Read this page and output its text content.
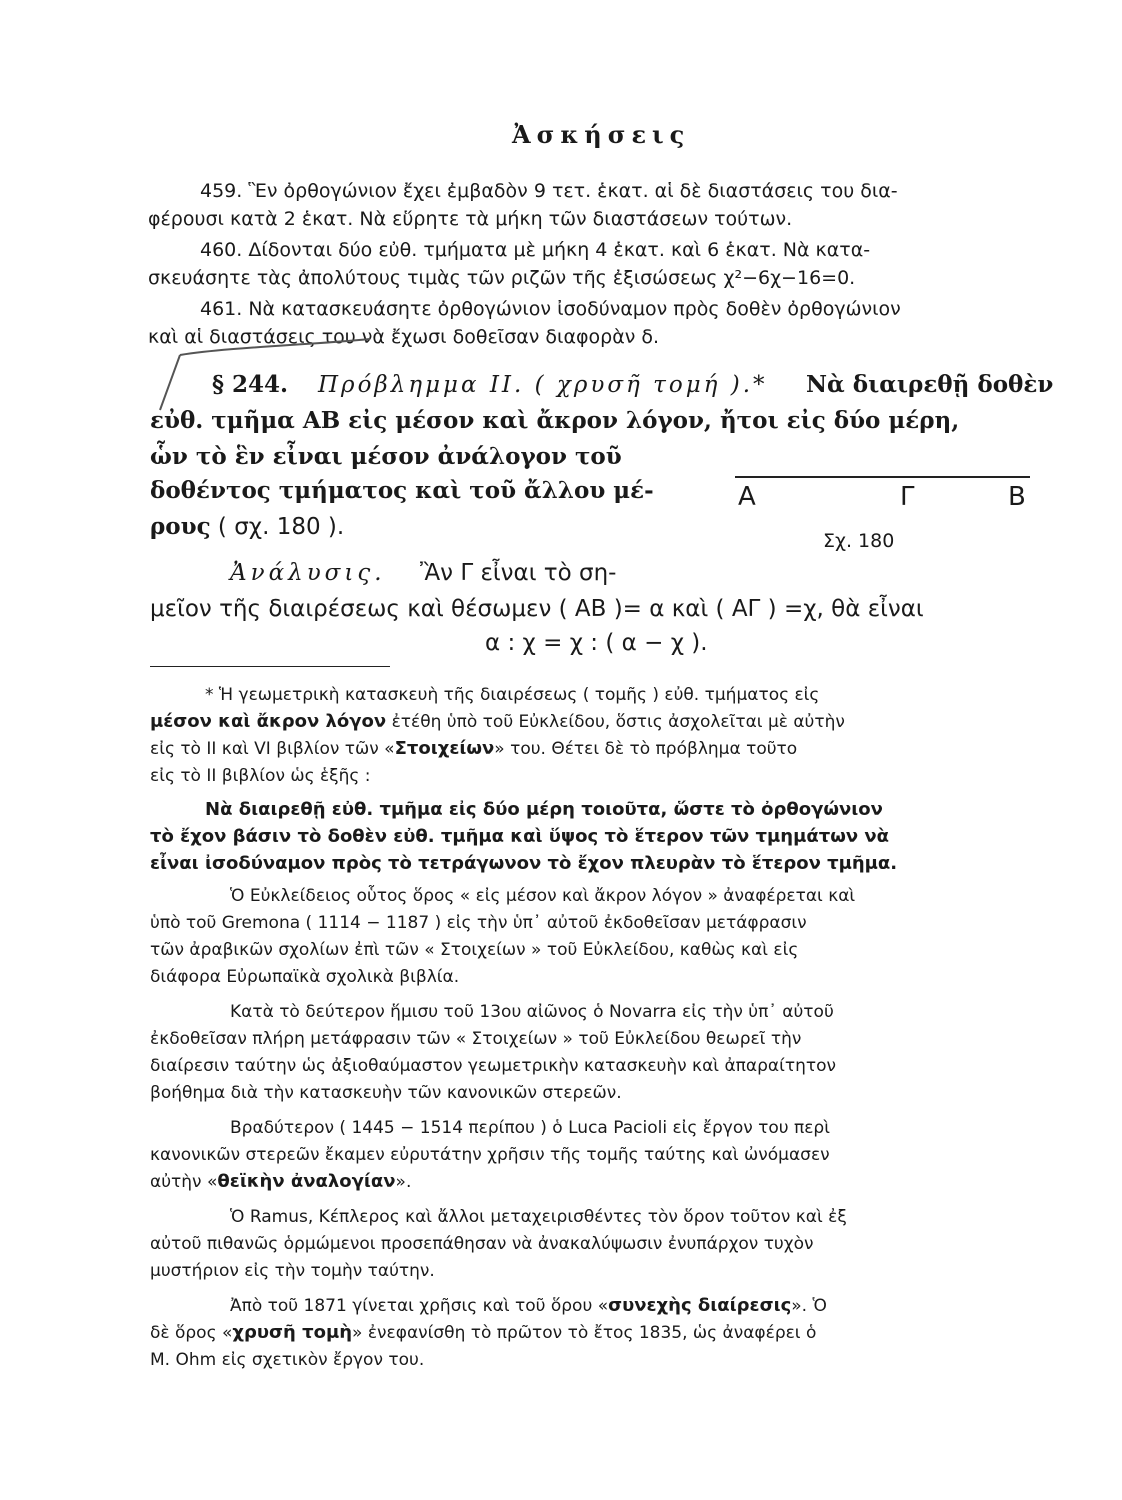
Ἀσκήσεις
459. Ἓν ὀρθογώνιον ἔχει ἐμβαδὸν 9 τετ. ἑκατ. αἱ δὲ διαστάσεις του δια-
φέρουσι κατὰ 2 ἑκατ. Νὰ εὕρητε τὰ μήκη τῶν διαστάσεων τούτων.
460. Δίδονται δύο εὐθ. τμήματα μὲ μήκη 4 ἑκατ. καὶ 6 ἑκατ. Νὰ κατα-
σκευάσητε τὰς ἀπολύτους τιμὰς τῶν ριζῶν τῆς ἐξισώσεως χ²−6χ−16=0.
461. Νὰ κατασκευάσητε ὀρθογώνιον ἰσοδύναμον πρὸς δοθὲν ὀρθογώνιον
καὶ αἱ διαστάσεις του νὰ ἔχωσι δοθεῖσαν διαφορὰν δ.
§ 244. Πρόβλημμα ΙΙ. ( χρυσῆ τομή ).* Νὰ διαιρεθῇ δοθὲν
εὐθ. τμῆμα ΑΒ εἰς μέσον καὶ ἄκρον λόγον, ἤτοι εἰς δύο μέρη,
ὧν τὸ ἓν εἶναι μέσον ἀνάλογον τοῦ
δοθέντος τμήματος καὶ τοῦ ἄλλου μέ-
ρους ( σχ. 180 ).
Ἀνάλυσις. Ἂν Γ εἶναι τὸ ση-
μεῖον τῆς διαιρέσεως καὶ θέσωμεν ( ΑΒ )= α καὶ ( ΑΓ ) =χ, θὰ εἶναι
α : χ = χ : ( α − χ ).
Α	Γ	Β
Σχ. 180
* Ἡ γεωμετρικὴ κατασκευὴ τῆς διαιρέσεως ( τομῆς ) εὐθ. τμήματος εἰς
μέσον καὶ ἄκρον λόγον ἐτέθη ὑπὸ τοῦ Εὐκλείδου, ὅστις ἀσχολεῖται μὲ αὐτὴν
εἰς τὸ ΙΙ καὶ VI βιβλίον τῶν «Στοιχείων» του. Θέτει δὲ τὸ πρόβλημα τοῦτο
εἰς τὸ ΙΙ βιβλίον ὡς ἑξῆς :
Νὰ διαιρεθῇ εὐθ. τμῆμα εἰς δύο μέρη τοιοῦτα, ὥστε τὸ ὀρθογώνιον
τὸ ἔχον βάσιν τὸ δοθὲν εὐθ. τμῆμα καὶ ὕψος τὸ ἕτερον τῶν τμημάτων νὰ
εἶναι ἰσοδύναμον πρὸς τὸ τετράγωνον τὸ ἔχον πλευρὰν τὸ ἕτερον τμῆμα.
Ὁ Εὐκλείδειος οὗτος ὅρος « εἰς μέσον καὶ ἄκρον λόγον » ἀναφέρεται καὶ
ὑπὸ τοῦ Gremona ( 1114 − 1187 ) εἰς τὴν ὑπ᾽ αὐτοῦ ἐκδοθεῖσαν μετάφρασιν
τῶν ἀραβικῶν σχολίων ἐπὶ τῶν « Στοιχείων » τοῦ Εὐκλείδου, καθὼς καὶ εἰς
διάφορα Εὐρωπαϊκὰ σχολικὰ βιβλία.
Κατὰ τὸ δεύτερον ἥμισυ τοῦ 13ου αἰῶνος ὁ Novarra εἰς τὴν ὑπ᾽ αὐτοῦ
ἐκδοθεῖσαν πλήρη μετάφρασιν τῶν « Στοιχείων » τοῦ Εὐκλείδου θεωρεῖ τὴν
διαίρεσιν ταύτην ὡς ἀξιοθαύμαστον γεωμετρικὴν κατασκευὴν καὶ ἀπαραίτητον
βοήθημα διὰ τὴν κατασκευὴν τῶν κανονικῶν στερεῶν.
Βραδύτερον ( 1445 − 1514 περίπου ) ὁ Luca Pacioli εἰς ἔργον του περὶ
κανονικῶν στερεῶν ἔκαμεν εὐρυτάτην χρῆσιν τῆς τομῆς ταύτης καὶ ὠνόμασεν
αὐτὴν «θεϊκὴν ἀναλογίαν».
Ὁ Ramus, Κέπλερος καὶ ἄλλοι μεταχειρισθέντες τὸν ὅρον τοῦτον καὶ ἐξ
αὐτοῦ πιθανῶς ὁρμώμενοι προσεπάθησαν νὰ ἀνακαλύψωσιν ἐνυπάρχον τυχὸν
μυστήριον εἰς τὴν τομὴν ταύτην.
Ἀπὸ τοῦ 1871 γίνεται χρῆσις καὶ τοῦ ὅρου «συνεχὴς διαίρεσις». Ὁ
δὲ ὅρος «χρυσῆ τομὴ» ἐνεφανίσθη τὸ πρῶτον τὸ ἔτος 1835, ὡς ἀναφέρει ὁ
M. Ohm εἰς σχετικὸν ἔργον του.
